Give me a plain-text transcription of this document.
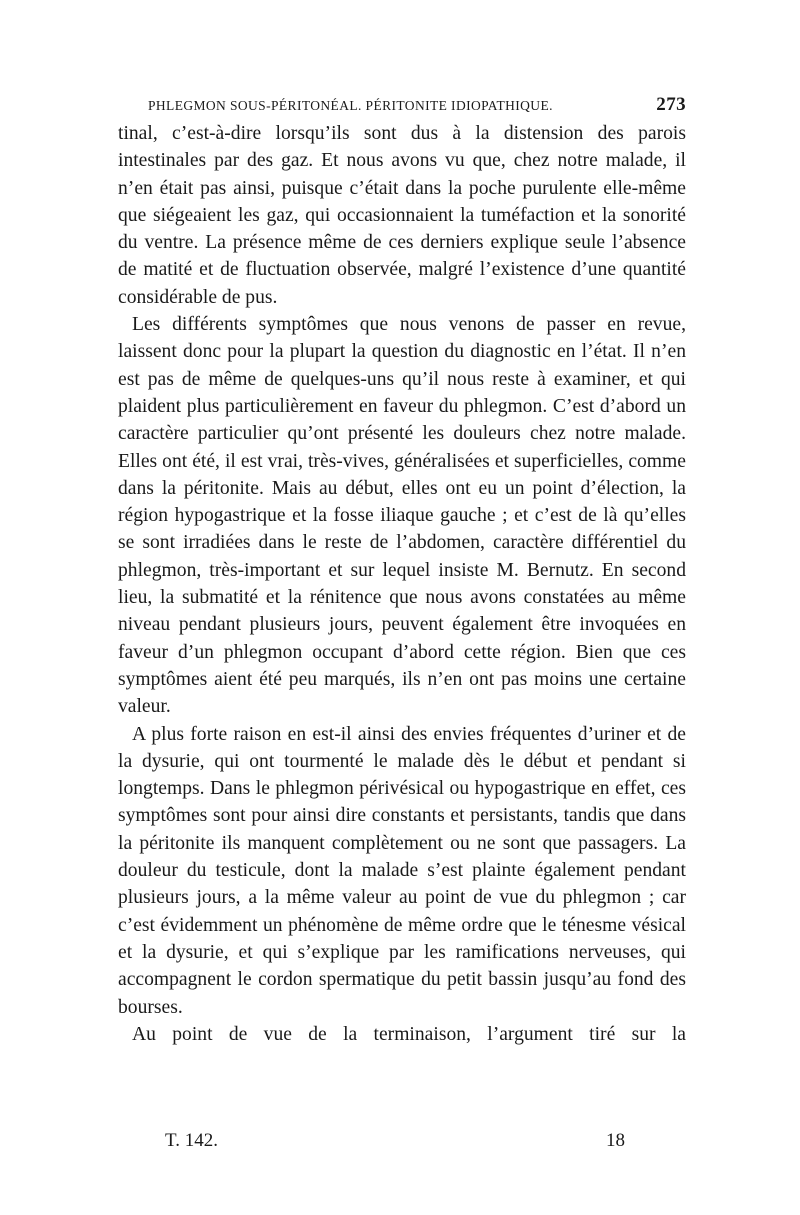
PHLEGMON SOUS-PÉRITONÉAL. PÉRITONITE IDIOPATHIQUE.	273

tinal, c’est-à-dire lorsqu’ils sont dus à la distension des parois intestinales par des gaz. Et nous avons vu que, chez notre malade, il n’en était pas ainsi, puisque c’était dans la poche purulente elle-même que siégeaient les gaz, qui occasionnaient la tuméfaction et la sonorité du ventre. La présence même de ces derniers explique seule l’absence de matité et de fluctuation observée, malgré l’existence d’une quantité considérable de pus.

Les différents symptômes que nous venons de passer en revue, laissent donc pour la plupart la question du diagnostic en l’état. Il n’en est pas de même de quelques-uns qu’il nous reste à examiner, et qui plaident plus particulièrement en faveur du phlegmon. C’est d’abord un caractère particulier qu’ont présenté les douleurs chez notre malade. Elles ont été, il est vrai, très-vives, généralisées et superficielles, comme dans la péritonite. Mais au début, elles ont eu un point d’élection, la région hypogastrique et la fosse iliaque gauche ; et c’est de là qu’elles se sont irradiées dans le reste de l’abdomen, caractère différentiel du phlegmon, très-important et sur lequel insiste M. Bernutz. En second lieu, la submatité et la rénitence que nous avons constatées au même niveau pendant plusieurs jours, peuvent également être invoquées en faveur d’un phlegmon occupant d’abord cette région. Bien que ces symptômes aient été peu marqués, ils n’en ont pas moins une certaine valeur.

A plus forte raison en est-il ainsi des envies fréquentes d’uriner et de la dysurie, qui ont tourmenté le malade dès le début et pendant si longtemps. Dans le phlegmon périvésical ou hypogastrique en effet, ces symptômes sont pour ainsi dire constants et persistants, tandis que dans la péritonite ils manquent complètement ou ne sont que passagers. La douleur du testicule, dont la malade s’est plainte également pendant plusieurs jours, a la même valeur au point de vue du phlegmon ; car c’est évidemment un phénomène de même ordre que le ténesme vésical et la dysurie, et qui s’explique par les ramifications nerveuses, qui accompagnent le cordon spermatique du petit bassin jusqu’au fond des bourses.

Au point de vue de la terminaison, l’argument tiré sur la

T. 142.	18
